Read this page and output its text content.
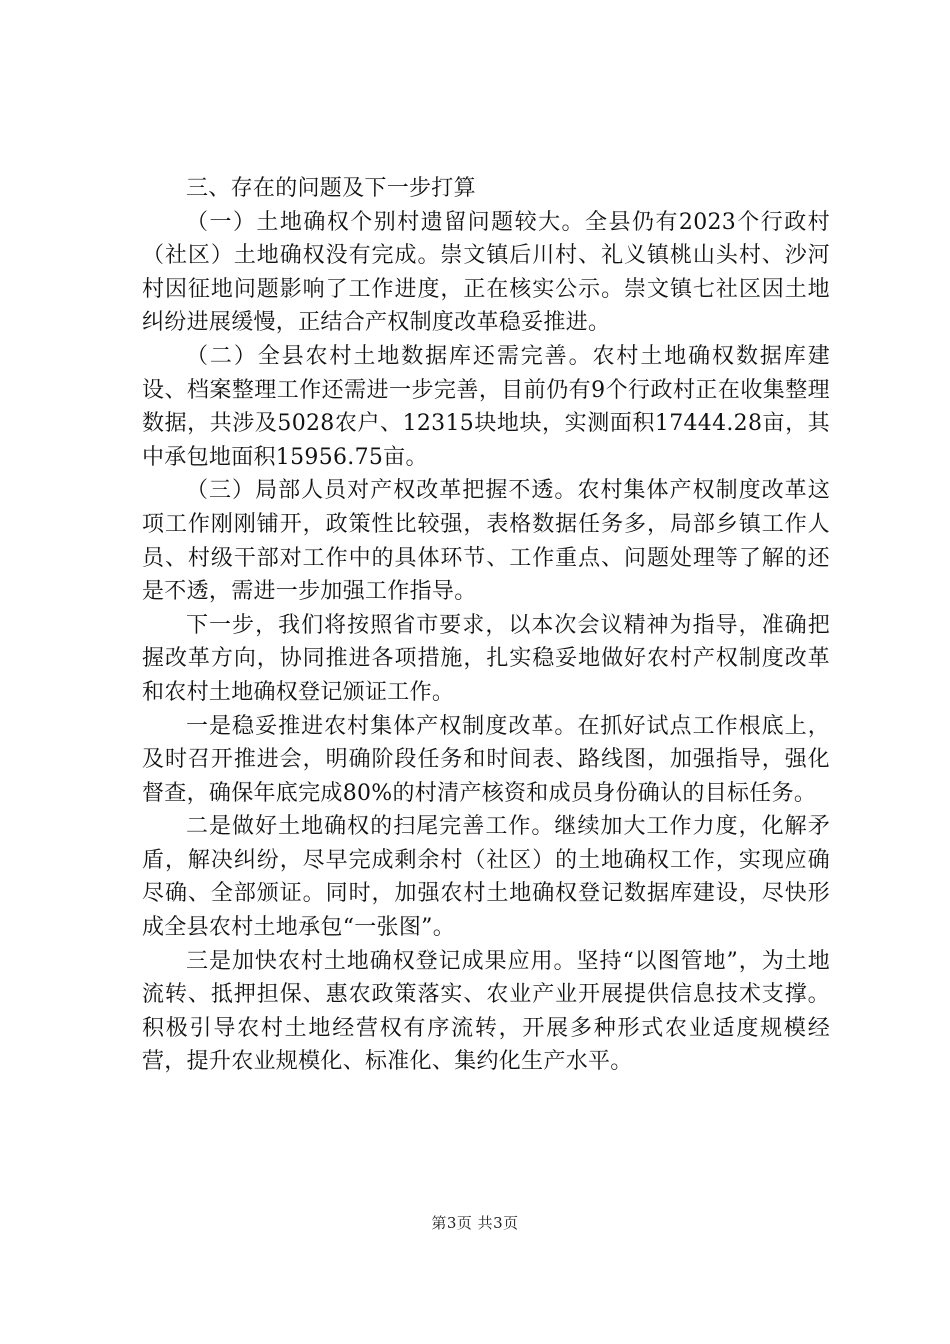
三、存在的问题及下一步打算

（一）土地确权个别村遗留问题较大。全县仍有2023个行政村（社区）土地确权没有完成。崇文镇后川村、礼义镇桃山头村、沙河村因征地问题影响了工作进度，正在核实公示。崇文镇七社区因土地纠纷进展缓慢，正结合产权制度改革稳妥推进。

（二）全县农村土地数据库还需完善。农村土地确权数据库建设、档案整理工作还需进一步完善，目前仍有9个行政村正在收集整理数据，共涉及5028农户、12315块地块，实测面积17444.28亩，其中承包地面积15956.75亩。

（三）局部人员对产权改革把握不透。农村集体产权制度改革这项工作刚刚铺开，政策性比较强，表格数据任务多，局部乡镇工作人员、村级干部对工作中的具体环节、工作重点、问题处理等了解的还是不透，需进一步加强工作指导。

下一步，我们将按照省市要求，以本次会议精神为指导，准确把握改革方向，协同推进各项措施，扎实稳妥地做好农村产权制度改革和农村土地确权登记颁证工作。

一是稳妥推进农村集体产权制度改革。在抓好试点工作根底上，及时召开推进会，明确阶段任务和时间表、路线图，加强指导，强化督查，确保年底完成80%的村清产核资和成员身份确认的目标任务。

二是做好土地确权的扫尾完善工作。继续加大工作力度，化解矛盾，解决纠纷，尽早完成剩余村（社区）的土地确权工作，实现应确尽确、全部颁证。同时，加强农村土地确权登记数据库建设，尽快形成全县农村土地承包“一张图”。

三是加快农村土地确权登记成果应用。坚持“以图管地”，为土地流转、抵押担保、惠农政策落实、农业产业开展提供信息技术支撑。积极引导农村土地经营权有序流转，开展多种形式农业适度规模经营，提升农业规模化、标准化、集约化生产水平。

第3页 共3页
